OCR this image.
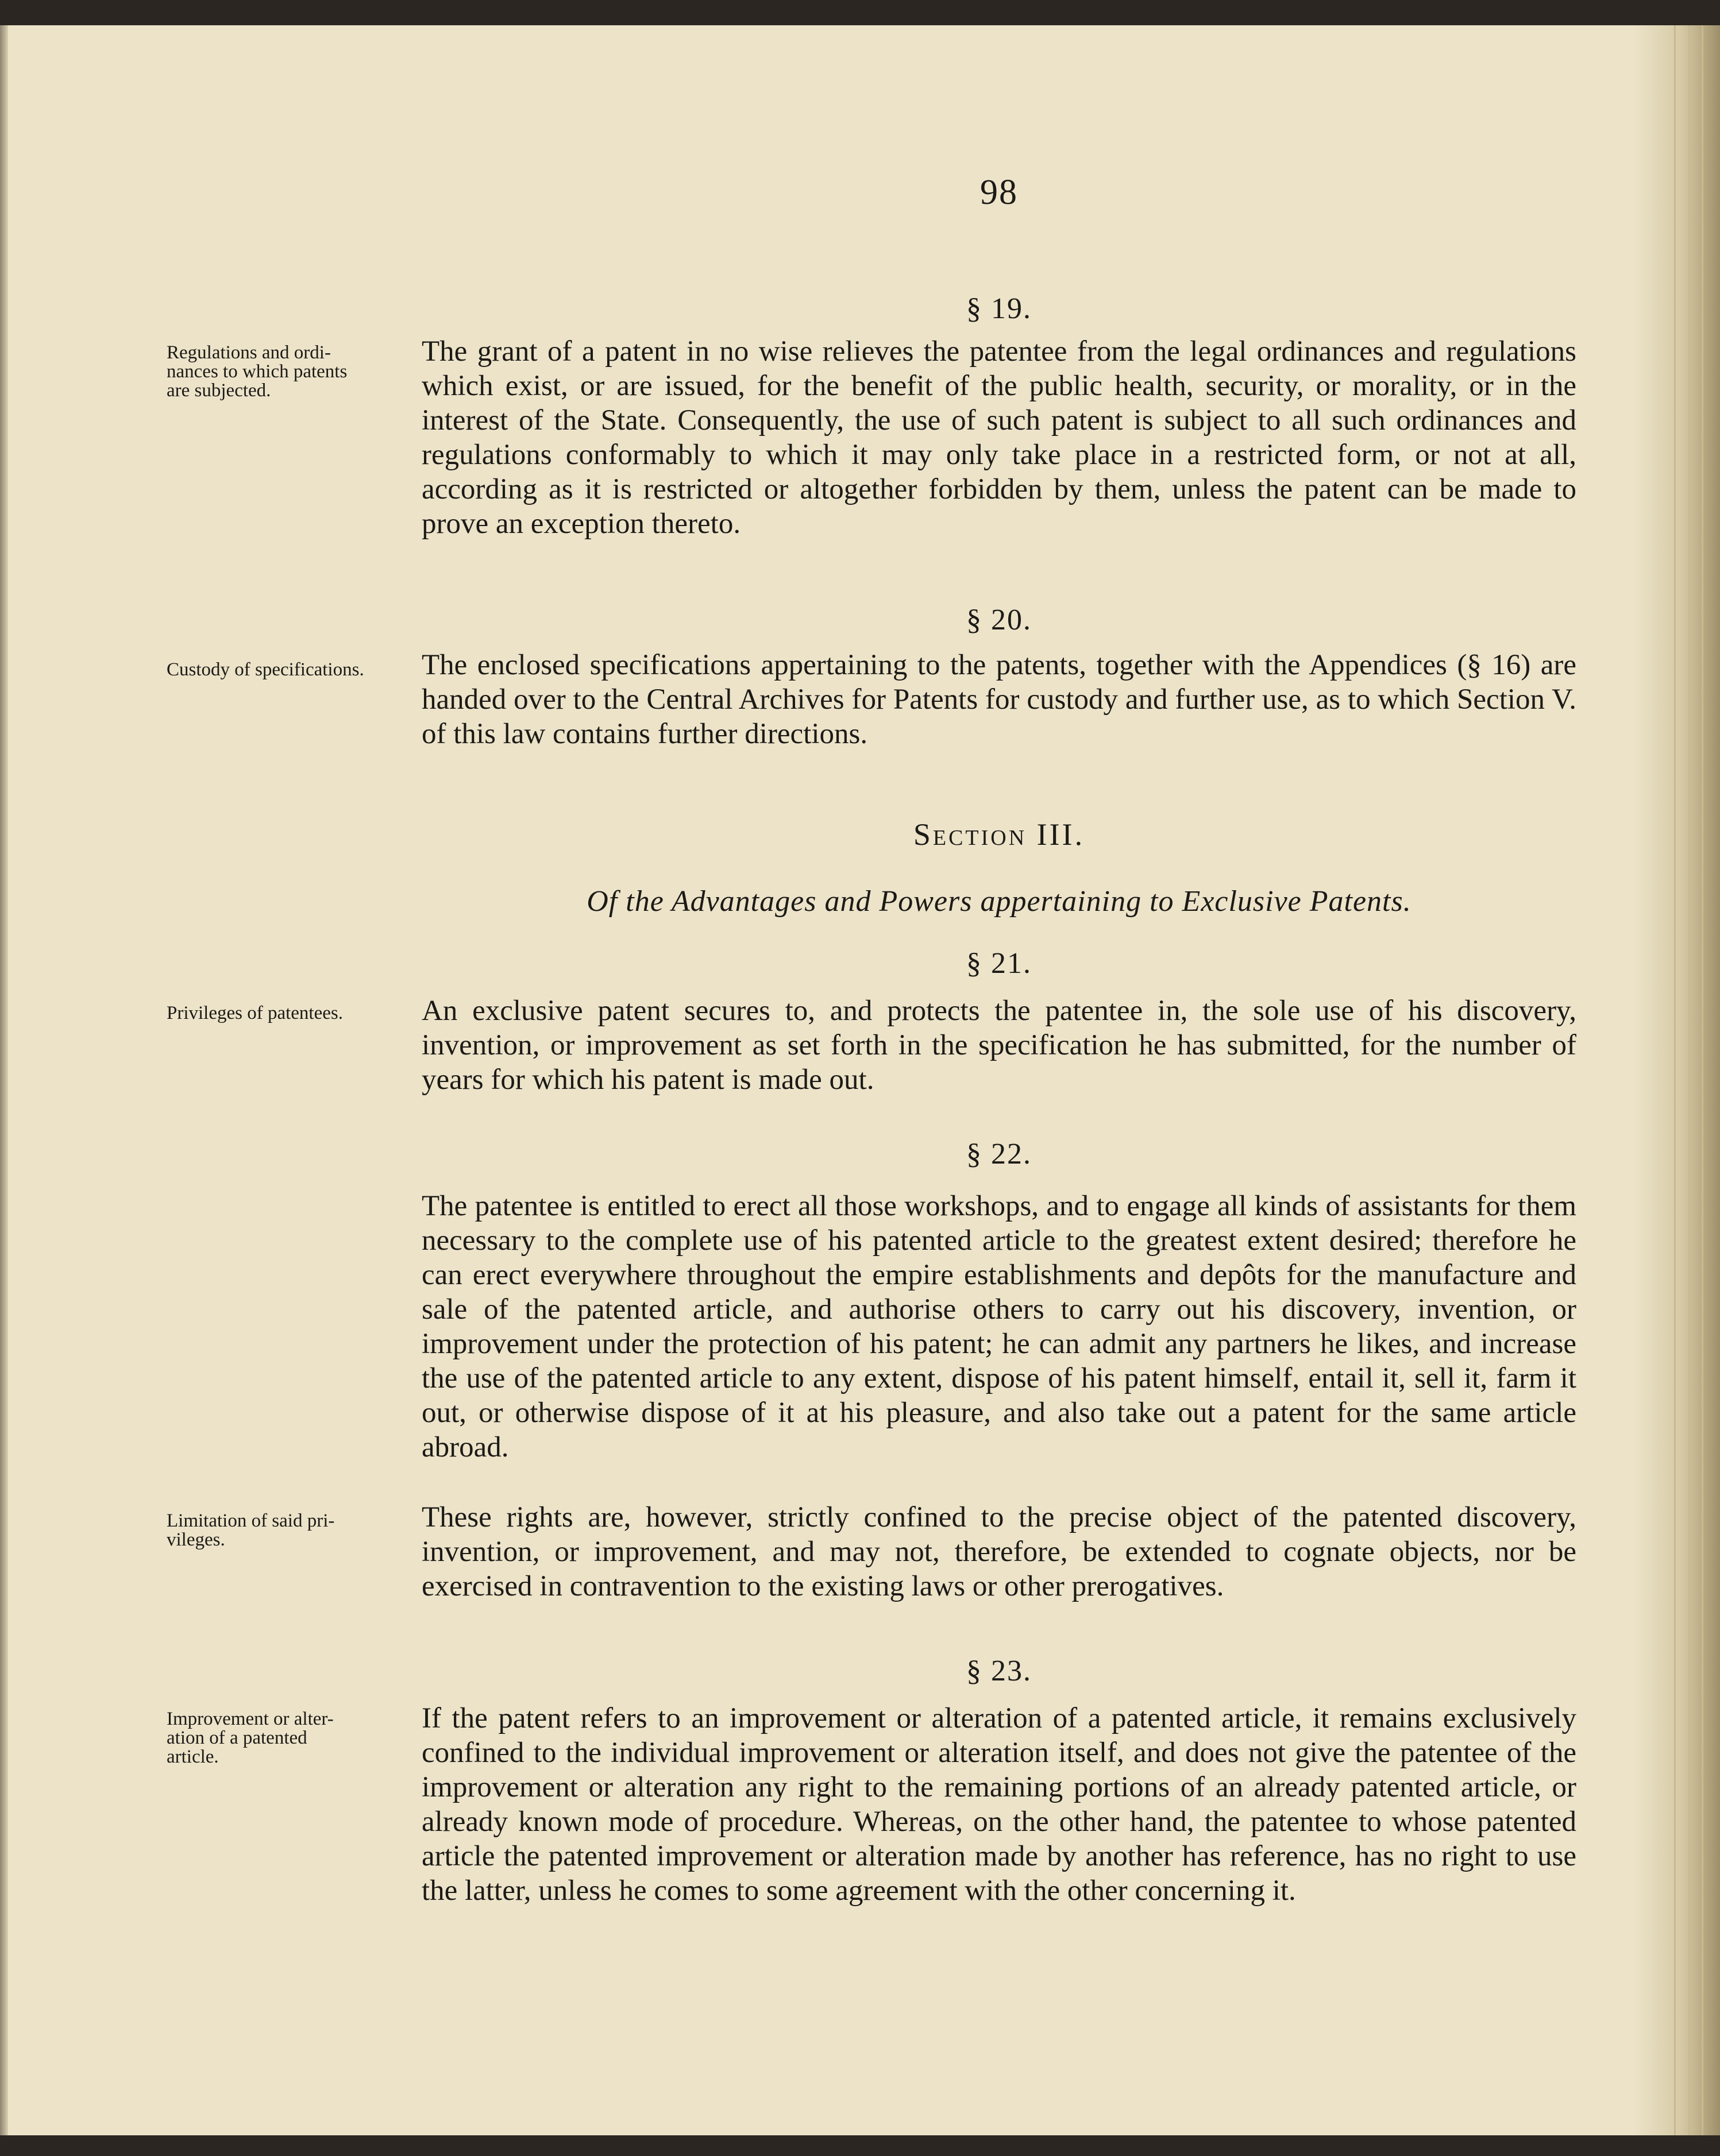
Regulations and ordi-
nances to which patents
are subjected.
Custody of specifications.
Privileges of patentees.
Limitation of said pri-
vileges.
Improvement or alter-
ation of a patented
article.
98
§ 19.

The grant of a patent in no wise relieves the patentee from the legal ordinances and regulations which exist, or are issued, for the benefit of the public health, security, or morality, or in the interest of the State. Consequently, the use of such patent is subject to all such ordinances and regulations conformably to which it may only take place in a restricted form, or not at all, according as it is restricted or altogether forbidden by them, unless the patent can be made to prove an exception thereto.

§ 20.

The enclosed specifications appertaining to the patents, together with the Appendices (§ 16) are handed over to the Central Archives for Patents for custody and further use, as to which Section V. of this law contains further directions.

Section III.
Of the Advantages and Powers appertaining to Exclusive Patents.
§ 21.

An exclusive patent secures to, and protects the patentee in, the sole use of his discovery, invention, or improvement as set forth in the specification he has submitted, for the number of years for which his patent is made out.

§ 22.

The patentee is entitled to erect all those workshops, and to engage all kinds of assistants for them necessary to the complete use of his patented article to the greatest extent desired; therefore he can erect everywhere throughout the empire establishments and depôts for the manufacture and sale of the patented article, and authorise others to carry out his discovery, invention, or improvement under the protection of his patent; he can admit any partners he likes, and increase the use of the patented article to any extent, dispose of his patent himself, entail it, sell it, farm it out, or otherwise dispose of it at his pleasure, and also take out a patent for the same article abroad.

These rights are, however, strictly confined to the precise object of the patented discovery, invention, or improvement, and may not, therefore, be extended to cognate objects, nor be exercised in contravention to the existing laws or other prerogatives.

§ 23.

If the patent refers to an improvement or alteration of a patented article, it remains exclusively confined to the individual improvement or alteration itself, and does not give the patentee of the improvement or alteration any right to the remaining portions of an already patented article, or already known mode of procedure. Whereas, on the other hand, the patentee to whose patented article the patented improvement or alteration made by another has reference, has no right to use the latter, unless he comes to some agreement with the other concerning it.
